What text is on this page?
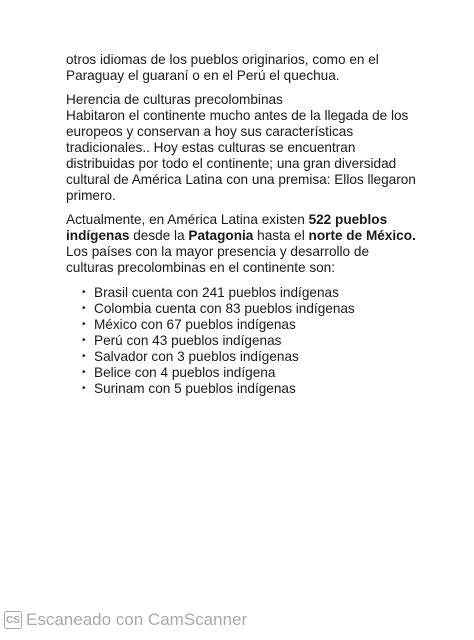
otros idiomas de los pueblos originarios, como en el Paraguay el guaraní o en el Perú el quechua.

Herencia de culturas precolombinas

Habitaron el continente mucho antes de la llegada de los europeos y conservan a hoy sus características tradicionales.. Hoy estas culturas se encuentran distribuidas por todo el continente; una gran diversidad cultural de América Latina con una premisa: Ellos llegaron primero.

Actualmente, en América Latina existen 522 pueblos indígenas desde la Patagonia hasta el norte de México. Los países con la mayor presencia y desarrollo de culturas precolombinas en el continente son:

• Brasil cuenta con 241 pueblos indígenas
• Colombia cuenta con 83 pueblos indígenas
• México con 67 pueblos indígenas
• Perú con 43 pueblos indígenas
• Salvador con 3 pueblos indígenas
• Belice con 4 pueblos indígena
• Surinam con 5 pueblos indígenas
CS Escaneado con CamScanner
